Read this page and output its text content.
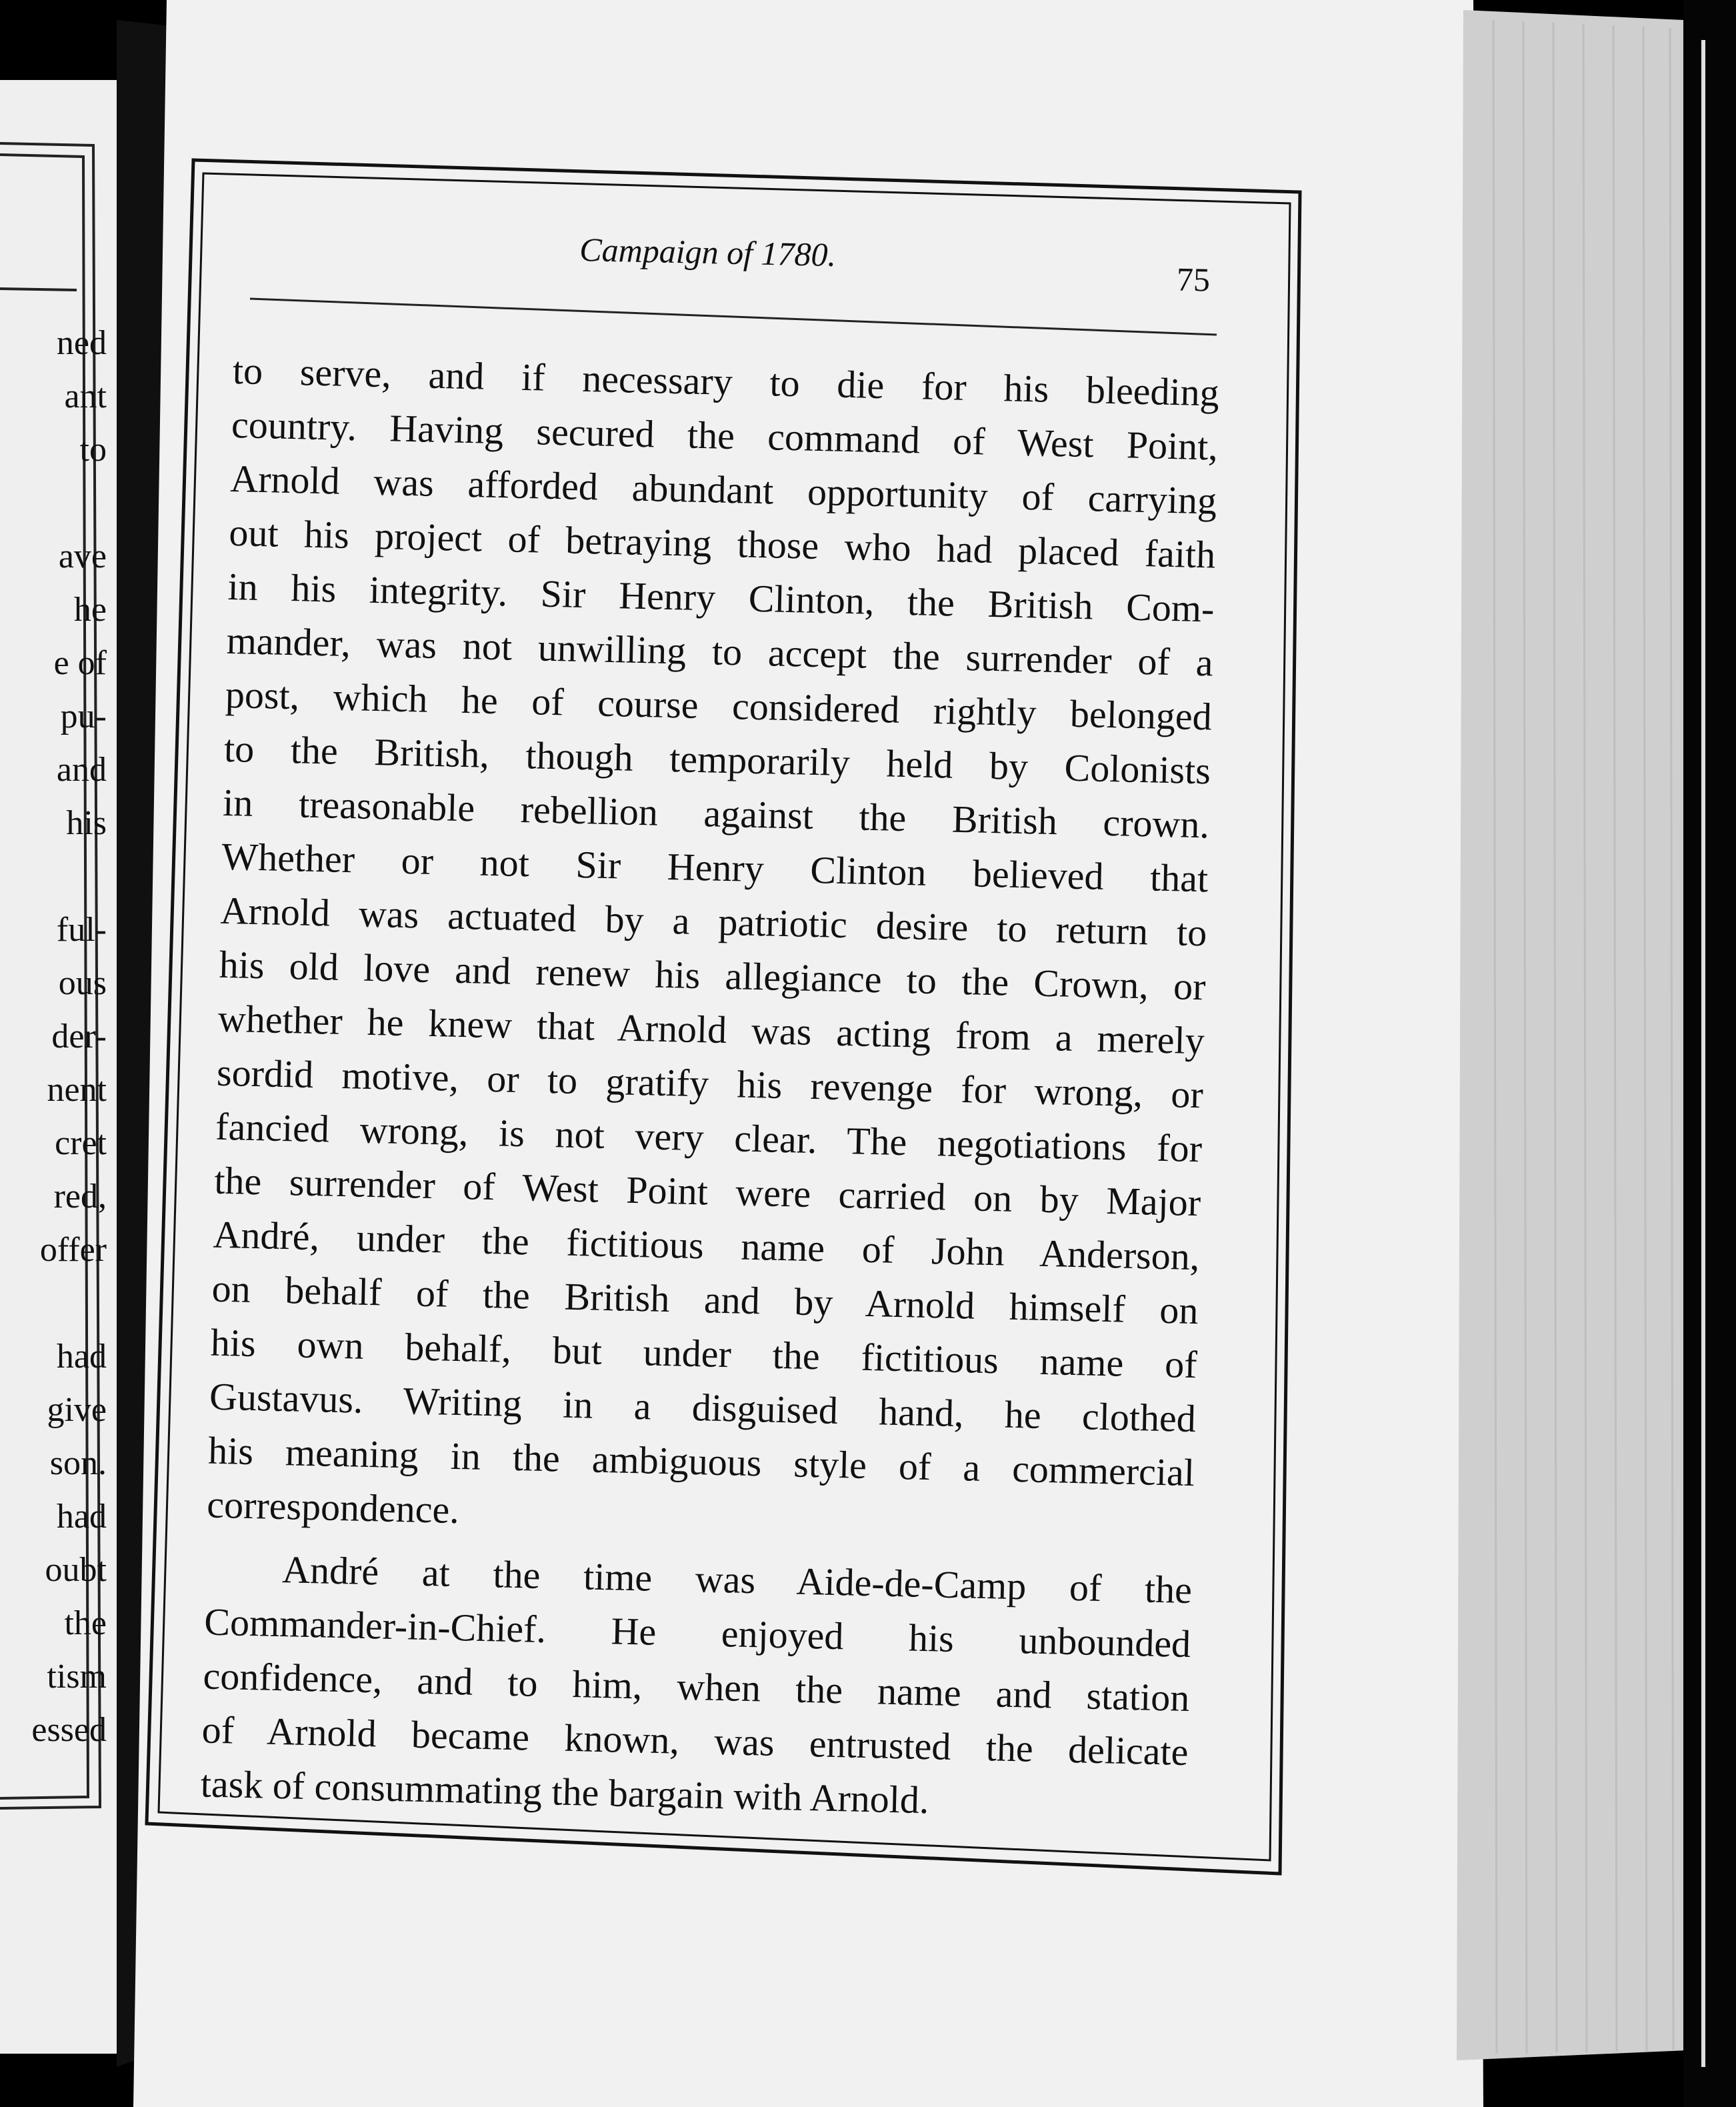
ned
ant
to
ave
he
e of
pu-
and
his
ful-
ous
der-
nent
cret
red,
offer
had
give
son.
had
oubt
the
tism
essed
Campaign of 1780.
75
to serve, and if necessary to die for his bleeding
country. Having secured the command of West Point,
Arnold was afforded abundant opportunity of carrying
out his project of betraying those who had placed faith
in his integrity. Sir Henry Clinton, the British Com-
mander, was not unwilling to accept the surrender of a
post, which he of course considered rightly belonged
to the British, though temporarily held by Colonists
in treasonable rebellion against the British crown.
Whether or not Sir Henry Clinton believed that
Arnold was actuated by a patriotic desire to return to
his old love and renew his allegiance to the Crown, or
whether he knew that Arnold was acting from a merely
sordid motive, or to gratify his revenge for wrong, or
fancied wrong, is not very clear. The negotiations for
the surrender of West Point were carried on by Major
André, under the fictitious name of John Anderson,
on behalf of the British and by Arnold himself on
his own behalf, but under the fictitious name of
Gustavus. Writing in a disguised hand, he clothed
his meaning in the ambiguous style of a commercial
correspondence.
André at the time was Aide-de-Camp of the
Commander-in-Chief. He enjoyed his unbounded
confidence, and to him, when the name and station
of Arnold became known, was entrusted the delicate
task of consummating the bargain with Arnold.
